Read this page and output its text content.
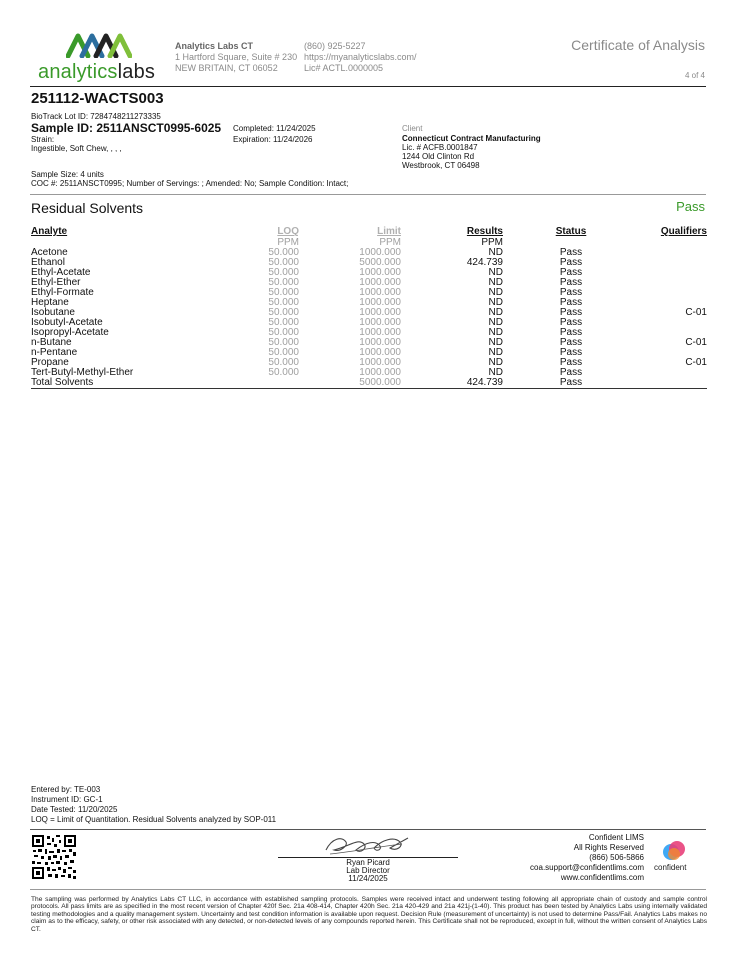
analyticslabs
Analytics Labs CT
1 Hartford Square, Suite # 230
NEW BRITAIN, CT 06052
(860) 925-5227
https://myanalyticslabs.com/
Lic# ACTL.0000005
Certificate of Analysis
4 of 4
251112-WACTS003
BioTrack Lot ID: 7284748211273335
Sample ID: 2511ANSCT0995-6025
Strain:
Ingestible, Soft Chew, , , ,
Completed: 11/24/2025
Expiration: 11/24/2026
Client
Connecticut Contract Manufacturing
Lic. # ACFB.0001847
1244 Old Clinton Rd
Westbrook, CT 06498
Sample Size: 4 units
COC #: 2511ANSCT0995; Number of Servings: ; Amended: No; Sample Condition: Intact;
Residual Solvents	Pass
Analyte	LOQ	Limit	Results	Status	Qualifiers
	PPM	PPM	PPM		
Acetone	50.000	1000.000	ND	Pass	
Ethanol	50.000	5000.000	424.739	Pass	
Ethyl-Acetate	50.000	1000.000	ND	Pass	
Ethyl-Ether	50.000	1000.000	ND	Pass	
Ethyl-Formate	50.000	1000.000	ND	Pass	
Heptane	50.000	1000.000	ND	Pass	
Isobutane	50.000	1000.000	ND	Pass	C-01
Isobutyl-Acetate	50.000	1000.000	ND	Pass	
Isopropyl-Acetate	50.000	1000.000	ND	Pass	
n-Butane	50.000	1000.000	ND	Pass	C-01
n-Pentane	50.000	1000.000	ND	Pass	
Propane	50.000	1000.000	ND	Pass	C-01
Tert-Butyl-Methyl-Ether	50.000	1000.000	ND	Pass	
Total Solvents		5000.000	424.739	Pass	
Entered by: TE-003
Instrument ID: GC-1
Date Tested: 11/20/2025
LOQ = Limit of Quantitation. Residual Solvents analyzed by SOP-011
Ryan Picard
Lab Director
11/24/2025
Confident LIMS
All Rights Reserved
(866) 506-5866
coa.support@confidentlims.com
www.confidentlims.com
confident
The sampling was performed by Analytics Labs CT LLC, in accordance with established sampling protocols. Samples were received intact and underwent testing following all appropriate chain of custody and sample control protocols. All pass limits are as specified in the most recent version of Chapter 420f Sec. 21a 408-414, Chapter 420h Sec. 21a 420-429 and 21a 421j-(1-40). This product has been tested by Analytics Labs using internally validated testing methodologies and a quality management system. Uncertainty and test condition information is available upon request. Decision Rule (measurement of uncertainty) is not used to determine Pass/Fail. Analytics Labs makes no claim as to the efficacy, safety, or other risk associated with any detected, or non-detected levels of any compounds reported herein. This Certificate shall not be reproduced, except in full, without the written consent of Analytics Labs CT.
